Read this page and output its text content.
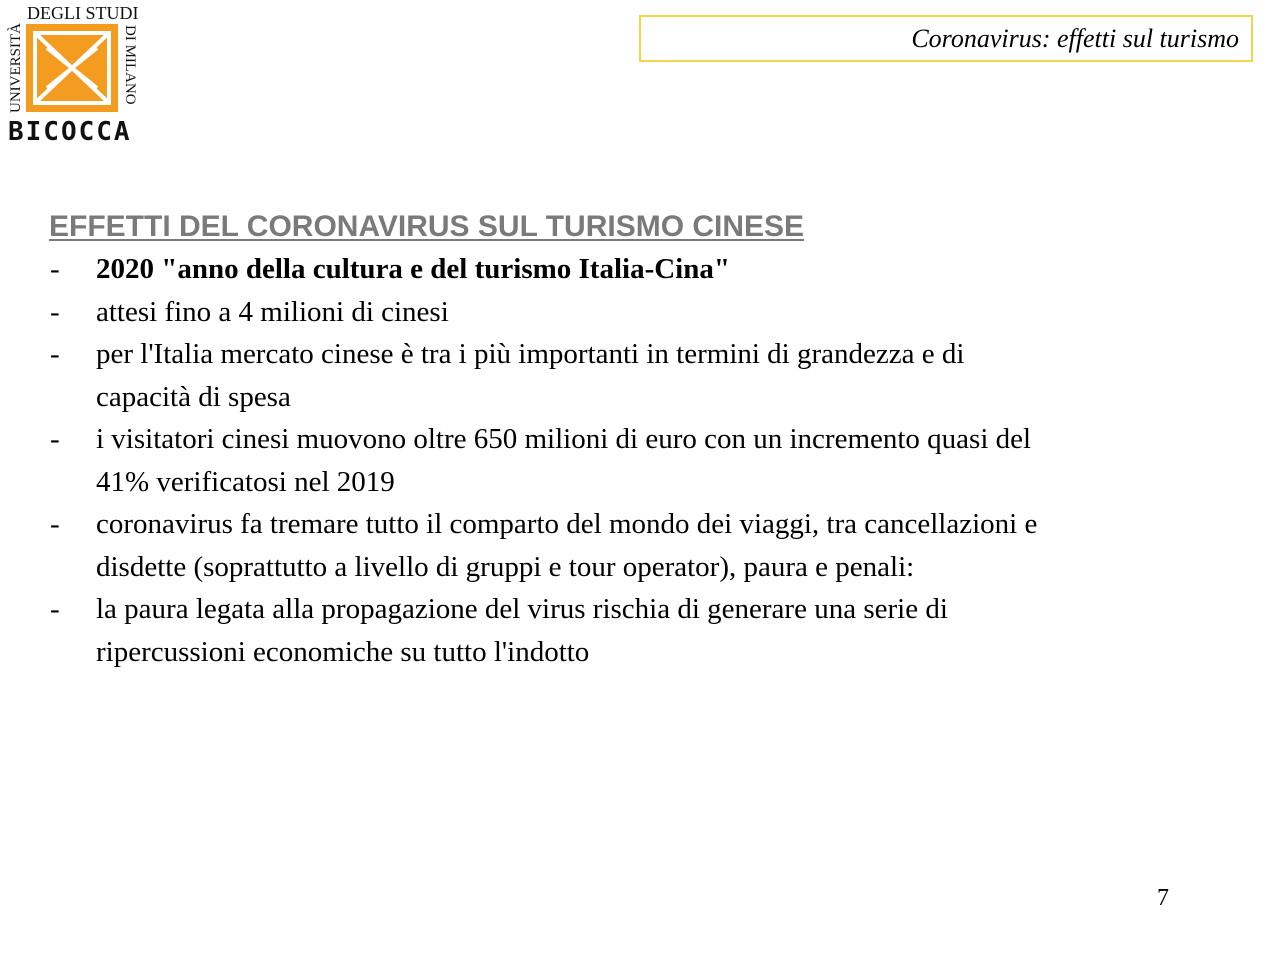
UNIVERSITÀ
DEGLI STUDI
DI MILANO
BICOCCA
Coronavirus: effetti sul turismo
EFFETTI DEL CORONAVIRUS SUL TURISMO CINESE
- 2020 "anno della cultura e del turismo Italia-Cina"
- attesi fino a 4 milioni di cinesi
- per l'Italia mercato cinese è tra i più importanti in termini di grandezza e di
capacità di spesa
- i visitatori cinesi muovono oltre 650 milioni di euro con un incremento quasi del
41% verificatosi nel 2019
- coronavirus fa tremare tutto il comparto del mondo dei viaggi, tra cancellazioni e
disdette (soprattutto a livello di gruppi e tour operator), paura e penali:
- la paura legata alla propagazione del virus rischia di generare una serie di
ripercussioni economiche su tutto l'indotto
7
